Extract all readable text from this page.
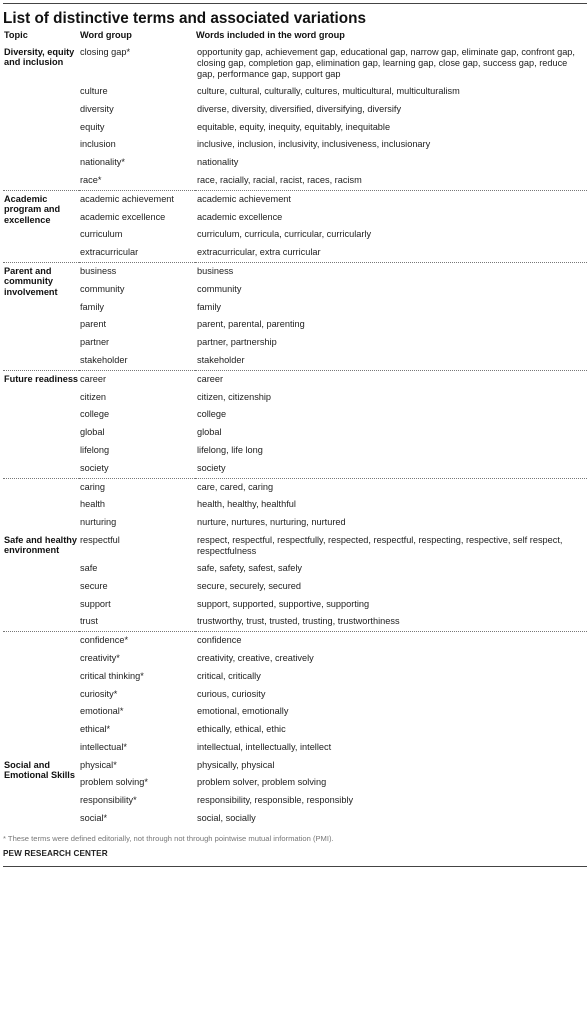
List of distinctive terms and associated variations
Topic	Word group	Words included in the word group
Diversity, equity and inclusion	closing gap*	opportunity gap, achievement gap, educational gap, narrow gap, eliminate gap, confront gap, closing gap, completion gap, elimination gap, learning gap, close gap, success gap, reduce gap, performance gap, support gap
	culture	culture, cultural, culturally, cultures, multicultural, multiculturalism
	diversity	diverse, diversity, diversified, diversifying, diversify
	equity	equitable, equity, inequity, equitably, inequitable
	inclusion	inclusive, inclusion, inclusivity, inclusiveness, inclusionary
	nationality*	nationality
	race*	race, racially, racial, racist, races, racism
Academic program and excellence	academic achievement	academic achievement
	academic excellence	academic excellence
	curriculum	curriculum, curricula, curricular, curricularly
	extracurricular	extracurricular, extra curricular
Parent and community involvement	business	business
	community	community
	family	family
	parent	parent, parental, parenting
	partner	partner, partnership
	stakeholder	stakeholder
Future readiness	career	career
	citizen	citizen, citizenship
	college	college
	global	global
	lifelong	lifelong, life long
	society	society
	caring	care, cared, caring
	health	health, healthy, healthful
	nurturing	nurture, nurtures, nurturing, nurtured
Safe and healthy environment	respectful	respect, respectful, respectfully, respected, respectful, respecting, respective, self respect, respectfulness
	safe	safe, safety, safest, safely
	secure	secure, securely, secured
	support	support, supported, supportive, supporting
	trust	trustworthy, trust, trusted, trusting, trustworthiness
	confidence*	confidence
	creativity*	creativity, creative, creatively
	critical thinking*	critical, critically
	curiosity*	curious, curiosity
	emotional*	emotional, emotionally
	ethical*	ethically, ethical, ethic
	intellectual*	intellectual, intellectually, intellect
Social and Emotional Skills	physical*	physically, physical
	problem solving*	problem solver, problem solving
	responsibility*	responsibility, responsible, responsibly
	social*	social, socially
* These terms were defined editorially, not through not through pointwise mutual information (PMI).
PEW RESEARCH CENTER
